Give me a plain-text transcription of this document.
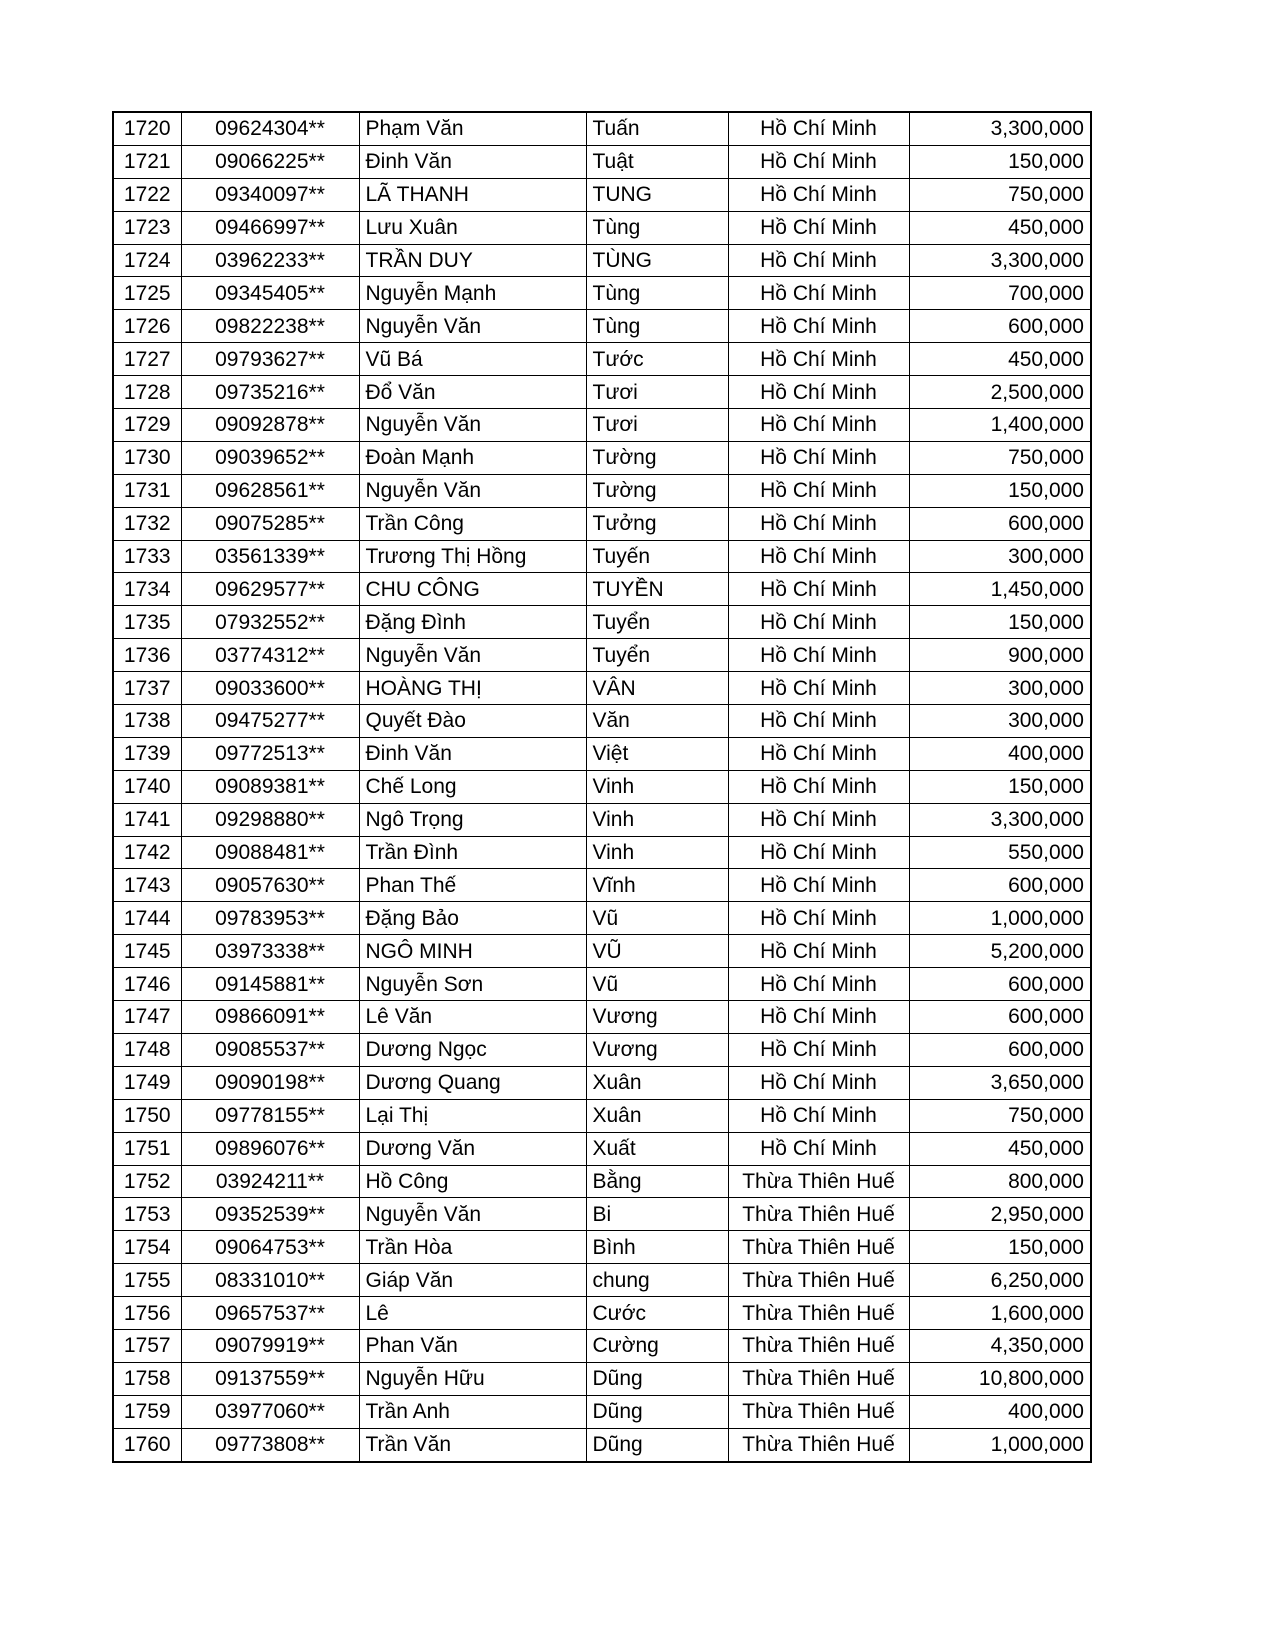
1720	09624304**	Phạm Văn	Tuấn	Hồ Chí Minh	3,300,000
1721	09066225**	Đinh Văn	Tuật	Hồ Chí Minh	150,000
1722	09340097**	LÃ THANH	TUNG	Hồ Chí Minh	750,000
1723	09466997**	Lưu Xuân	Tùng	Hồ Chí Minh	450,000
1724	03962233**	TRẦN DUY	TÙNG	Hồ Chí Minh	3,300,000
1725	09345405**	Nguyễn Mạnh	Tùng	Hồ Chí Minh	700,000
1726	09822238**	Nguyễn Văn	Tùng	Hồ Chí Minh	600,000
1727	09793627**	Vũ Bá	Tước	Hồ Chí Minh	450,000
1728	09735216**	Đổ Văn	Tươi	Hồ Chí Minh	2,500,000
1729	09092878**	Nguyễn Văn	Tươi	Hồ Chí Minh	1,400,000
1730	09039652**	Đoàn Mạnh	Tường	Hồ Chí Minh	750,000
1731	09628561**	Nguyễn Văn	Tường	Hồ Chí Minh	150,000
1732	09075285**	Trần Công	Tưởng	Hồ Chí Minh	600,000
1733	03561339**	Trương Thị Hồng	Tuyến	Hồ Chí Minh	300,000
1734	09629577**	CHU CÔNG	TUYỀN	Hồ Chí Minh	1,450,000
1735	07932552**	Đặng Đình	Tuyển	Hồ Chí Minh	150,000
1736	03774312**	Nguyễn Văn	Tuyển	Hồ Chí Minh	900,000
1737	09033600**	HOÀNG THỊ	VÂN	Hồ Chí Minh	300,000
1738	09475277**	Quyết Đào	Văn	Hồ Chí Minh	300,000
1739	09772513**	Đinh Văn	Việt	Hồ Chí Minh	400,000
1740	09089381**	Chế Long	Vinh	Hồ Chí Minh	150,000
1741	09298880**	Ngô Trọng	Vinh	Hồ Chí Minh	3,300,000
1742	09088481**	Trần Đình	Vinh	Hồ Chí Minh	550,000
1743	09057630**	Phan Thế	Vĩnh	Hồ Chí Minh	600,000
1744	09783953**	Đặng Bảo	Vũ	Hồ Chí Minh	1,000,000
1745	03973338**	NGÔ MINH	VŨ	Hồ Chí Minh	5,200,000
1746	09145881**	Nguyễn Sơn	Vũ	Hồ Chí Minh	600,000
1747	09866091**	Lê Văn	Vương	Hồ Chí Minh	600,000
1748	09085537**	Dương Ngọc	Vương	Hồ Chí Minh	600,000
1749	09090198**	Dương Quang	Xuân	Hồ Chí Minh	3,650,000
1750	09778155**	Lại Thị	Xuân	Hồ Chí Minh	750,000
1751	09896076**	Dương Văn	Xuất	Hồ Chí Minh	450,000
1752	03924211**	Hồ Công	Bằng	Thừa Thiên Huế	800,000
1753	09352539**	Nguyễn Văn	Bi	Thừa Thiên Huế	2,950,000
1754	09064753**	Trần Hòa	Bình	Thừa Thiên Huế	150,000
1755	08331010**	Giáp Văn	chung	Thừa Thiên Huế	6,250,000
1756	09657537**	Lê	Cước	Thừa Thiên Huế	1,600,000
1757	09079919**	Phan Văn	Cường	Thừa Thiên Huế	4,350,000
1758	09137559**	Nguyễn Hữu	Dũng	Thừa Thiên Huế	10,800,000
1759	03977060**	Trần Anh	Dũng	Thừa Thiên Huế	400,000
1760	09773808**	Trần Văn	Dũng	Thừa Thiên Huế	1,000,000
